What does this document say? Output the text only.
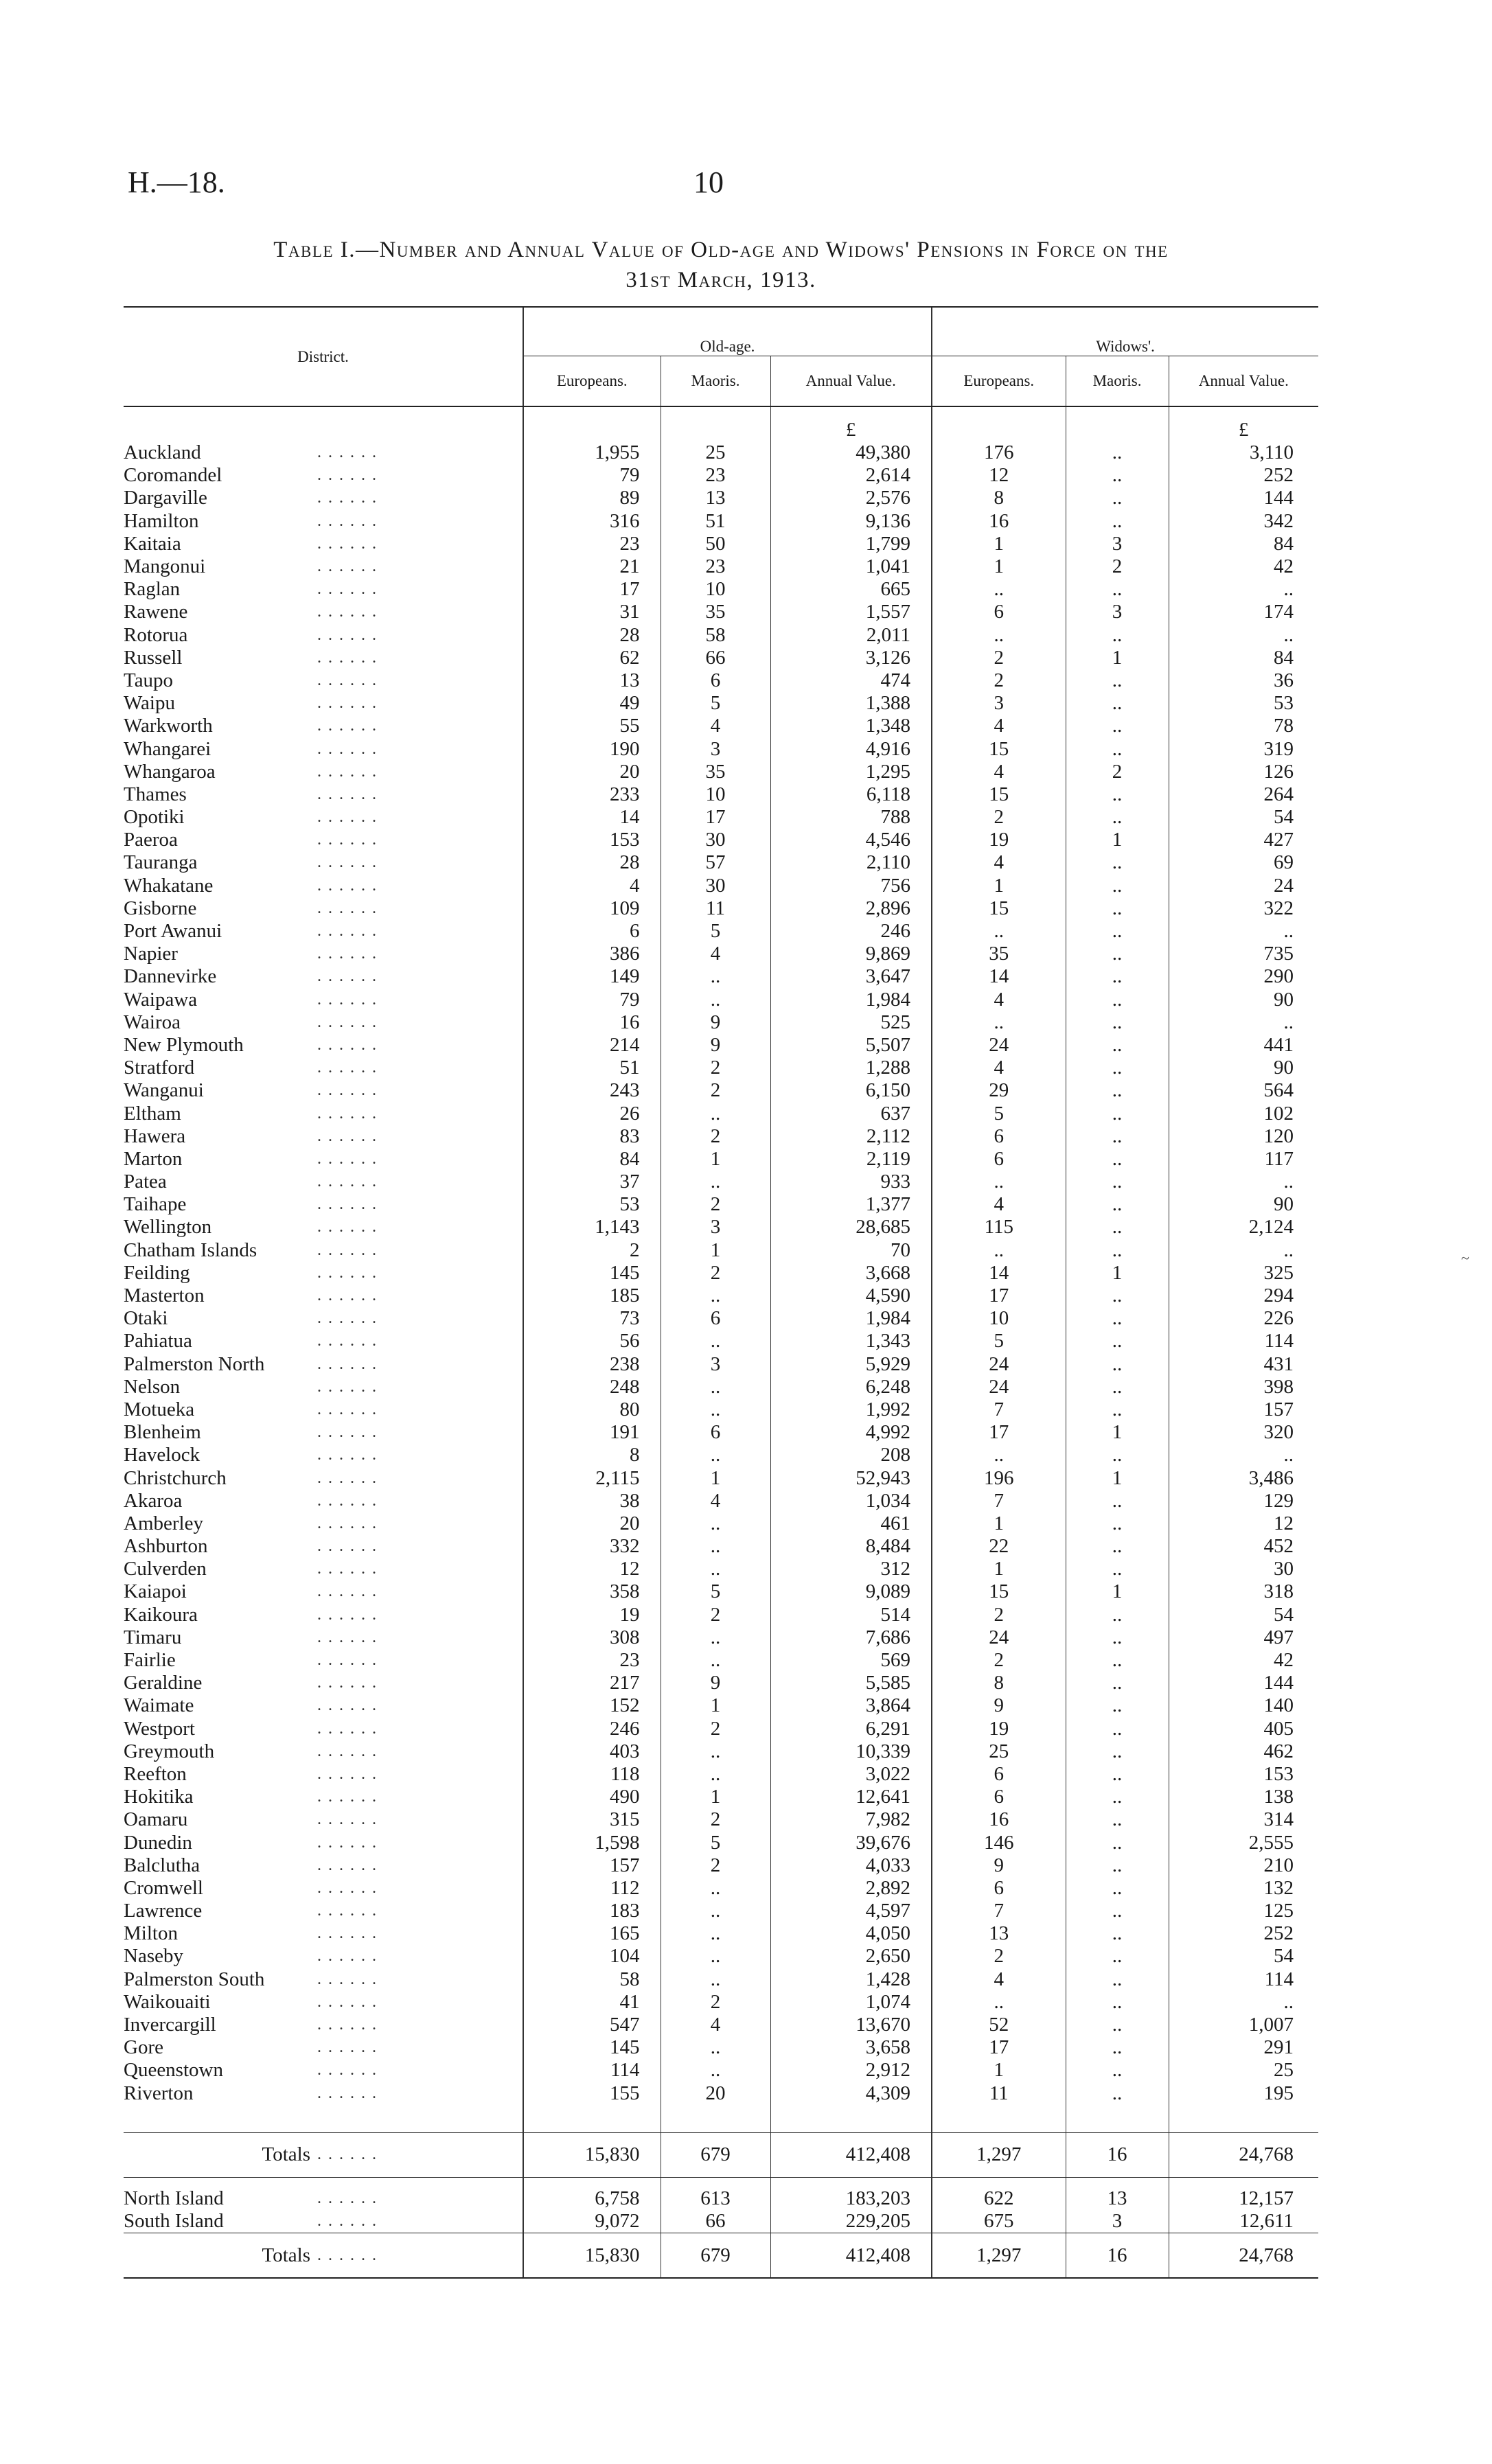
H.—18.	10
Table I.—Number and Annual Value of Old-age and Widows' Pensions in Force on the
31st March, 1913.
District.		Old-age.			Widows'.		
		Europeans.	Maoris.	Annual Value.	Europeans.	Maoris.	Annual Value.
				£			£
Auckland	. . . . . .	1,955	25	49,380	176	..	3,110
Coromandel	. . . . . .	79	23	2,614	12	..	252
Dargaville	. . . . . .	89	13	2,576	8	..	144
Hamilton	. . . . . .	316	51	9,136	16	..	342
Kaitaia	. . . . . .	23	50	1,799	1	3	84
Mangonui	. . . . . .	21	23	1,041	1	2	42
Raglan	. . . . . .	17	10	665	..	..	..
Rawene	. . . . . .	31	35	1,557	6	3	174
Rotorua	. . . . . .	28	58	2,011	..	..	..
Russell	. . . . . .	62	66	3,126	2	1	84
Taupo	. . . . . .	13	6	474	2	..	36
Waipu	. . . . . .	49	5	1,388	3	..	53
Warkworth	. . . . . .	55	4	1,348	4	..	78
Whangarei	. . . . . .	190	3	4,916	15	..	319
Whangaroa	. . . . . .	20	35	1,295	4	2	126
Thames	. . . . . .	233	10	6,118	15	..	264
Opotiki	. . . . . .	14	17	788	2	..	54
Paeroa	. . . . . .	153	30	4,546	19	1	427
Tauranga	. . . . . .	28	57	2,110	4	..	69
Whakatane	. . . . . .	4	30	756	1	..	24
Gisborne	. . . . . .	109	11	2,896	15	..	322
Port Awanui	. . . . . .	6	5	246	..	..	..
Napier	. . . . . .	386	4	9,869	35	..	735
Dannevirke	. . . . . .	149	..	3,647	14	..	290
Waipawa	. . . . . .	79	..	1,984	4	..	90
Wairoa	. . . . . .	16	9	525	..	..	..
New Plymouth	. . . . . .	214	9	5,507	24	..	441
Stratford	. . . . . .	51	2	1,288	4	..	90
Wanganui	. . . . . .	243	2	6,150	29	..	564
Eltham	. . . . . .	26	..	637	5	..	102
Hawera	. . . . . .	83	2	2,112	6	..	120
Marton	. . . . . .	84	1	2,119	6	..	117
Patea	. . . . . .	37	..	933	..	..	..
Taihape	. . . . . .	53	2	1,377	4	..	90
Wellington	. . . . . .	1,143	3	28,685	115	..	2,124
Chatham Islands	. . . . . .	2	1	70	..	..	..
Feilding	. . . . . .	145	2	3,668	14	1	325
Masterton	. . . . . .	185	..	4,590	17	..	294
Otaki	. . . . . .	73	6	1,984	10	..	226
Pahiatua	. . . . . .	56	..	1,343	5	..	114
Palmerston North	. . . . . .	238	3	5,929	24	..	431
Nelson	. . . . . .	248	..	6,248	24	..	398
Motueka	. . . . . .	80	..	1,992	7	..	157
Blenheim	. . . . . .	191	6	4,992	17	1	320
Havelock	. . . . . .	8	..	208	..	..	..
Christchurch	. . . . . .	2,115	1	52,943	196	1	3,486
Akaroa	. . . . . .	38	4	1,034	7	..	129
Amberley	. . . . . .	20	..	461	1	..	12
Ashburton	. . . . . .	332	..	8,484	22	..	452
Culverden	. . . . . .	12	..	312	1	..	30
Kaiapoi	. . . . . .	358	5	9,089	15	1	318
Kaikoura	. . . . . .	19	2	514	2	..	54
Timaru	. . . . . .	308	..	7,686	24	..	497
Fairlie	. . . . . .	23	..	569	2	..	42
Geraldine	. . . . . .	217	9	5,585	8	..	144
Waimate	. . . . . .	152	1	3,864	9	..	140
Westport	. . . . . .	246	2	6,291	19	..	405
Greymouth	. . . . . .	403	..	10,339	25	..	462
Reefton	. . . . . .	118	..	3,022	6	..	153
Hokitika	. . . . . .	490	1	12,641	6	..	138
Oamaru	. . . . . .	315	2	7,982	16	..	314
Dunedin	. . . . . .	1,598	5	39,676	146	..	2,555
Balclutha	. . . . . .	157	2	4,033	9	..	210
Cromwell	. . . . . .	112	..	2,892	6	..	132
Lawrence	. . . . . .	183	..	4,597	7	..	125
Milton	. . . . . .	165	..	4,050	13	..	252
Naseby	. . . . . .	104	..	2,650	2	..	54
Palmerston South	. . . . . .	58	..	1,428	4	..	114
Waikouaiti	. . . . . .	41	2	1,074	..	..	..
Invercargill	. . . . . .	547	4	13,670	52	..	1,007
Gore	. . . . . .	145	..	3,658	17	..	291
Queenstown	. . . . . .	114	..	2,912	1	..	25
Riverton	. . . . . .	155	20	4,309	11	..	195

Totals	. . . . . .	15,830	679	412,408	1,297	16	24,768

North Island	. . . . . .	6,758	613	183,203	622	13	12,157
South Island	. . . . . .	9,072	66	229,205	675	3	12,611
Totals	. . . . . .	15,830	679	412,408	1,297	16	24,768
~
